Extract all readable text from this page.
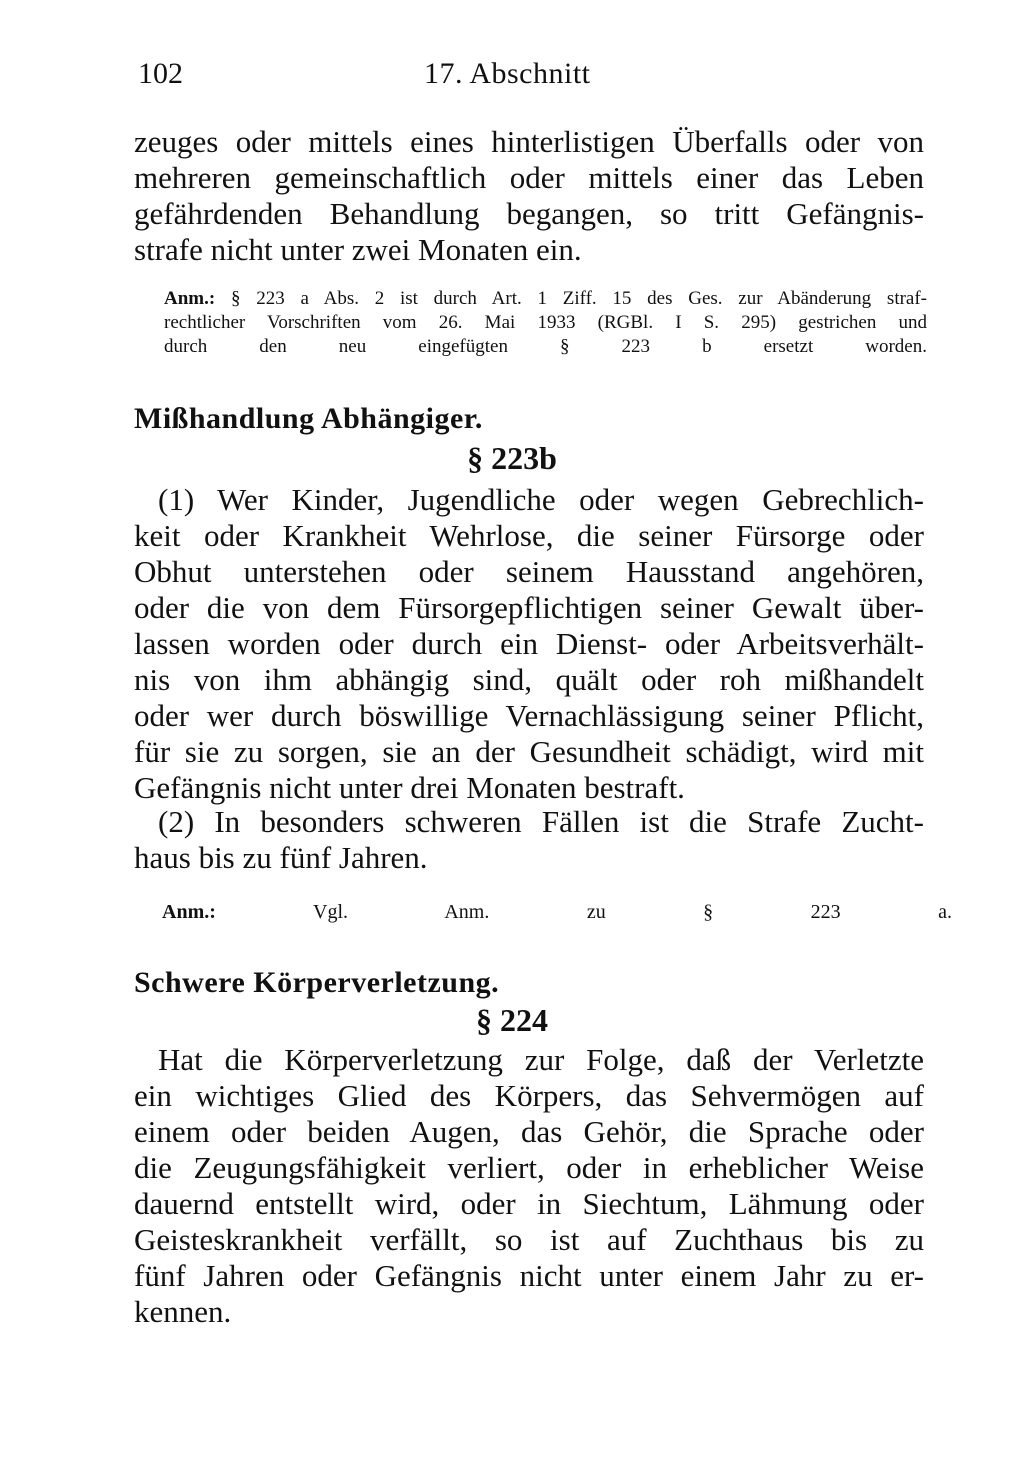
102	17. Abschnitt
zeuges oder mittels eines hinterlistigen Überfalls oder von
mehreren gemeinschaftlich oder mittels einer das Leben
gefährdenden Behandlung begangen, so tritt Gefängnis-
strafe nicht unter zwei Monaten ein.
Anm.: § 223 a Abs. 2 ist durch Art. 1 Ziff. 15 des Ges. zur Abänderung straf-
rechtlicher Vorschriften vom 26. Mai 1933 (RGBl. I S. 295) gestrichen und
durch den neu eingefügten § 223 b ersetzt worden.
Mißhandlung Abhängiger.
§ 223b
(1) Wer Kinder, Jugendliche oder wegen Gebrechlich-
keit oder Krankheit Wehrlose, die seiner Fürsorge oder
Obhut unterstehen oder seinem Hausstand angehören,
oder die von dem Fürsorgepflichtigen seiner Gewalt über-
lassen worden oder durch ein Dienst- oder Arbeitsverhält-
nis von ihm abhängig sind, quält oder roh mißhandelt
oder wer durch böswillige Vernachlässigung seiner Pflicht,
für sie zu sorgen, sie an der Gesundheit schädigt, wird mit
Gefängnis nicht unter drei Monaten bestraft.
(2) In besonders schweren Fällen ist die Strafe Zucht-
haus bis zu fünf Jahren.
Anm.:	Vgl. Anm. zu § 223 a.
Schwere Körperverletzung.
§ 224
Hat die Körperverletzung zur Folge, daß der Verletzte
ein wichtiges Glied des Körpers, das Sehvermögen auf
einem oder beiden Augen, das Gehör, die Sprache oder
die Zeugungsfähigkeit verliert, oder in erheblicher Weise
dauernd entstellt wird, oder in Siechtum, Lähmung oder
Geisteskrankheit verfällt, so ist auf Zuchthaus bis zu
fünf Jahren oder Gefängnis nicht unter einem Jahr zu er-
kennen.
